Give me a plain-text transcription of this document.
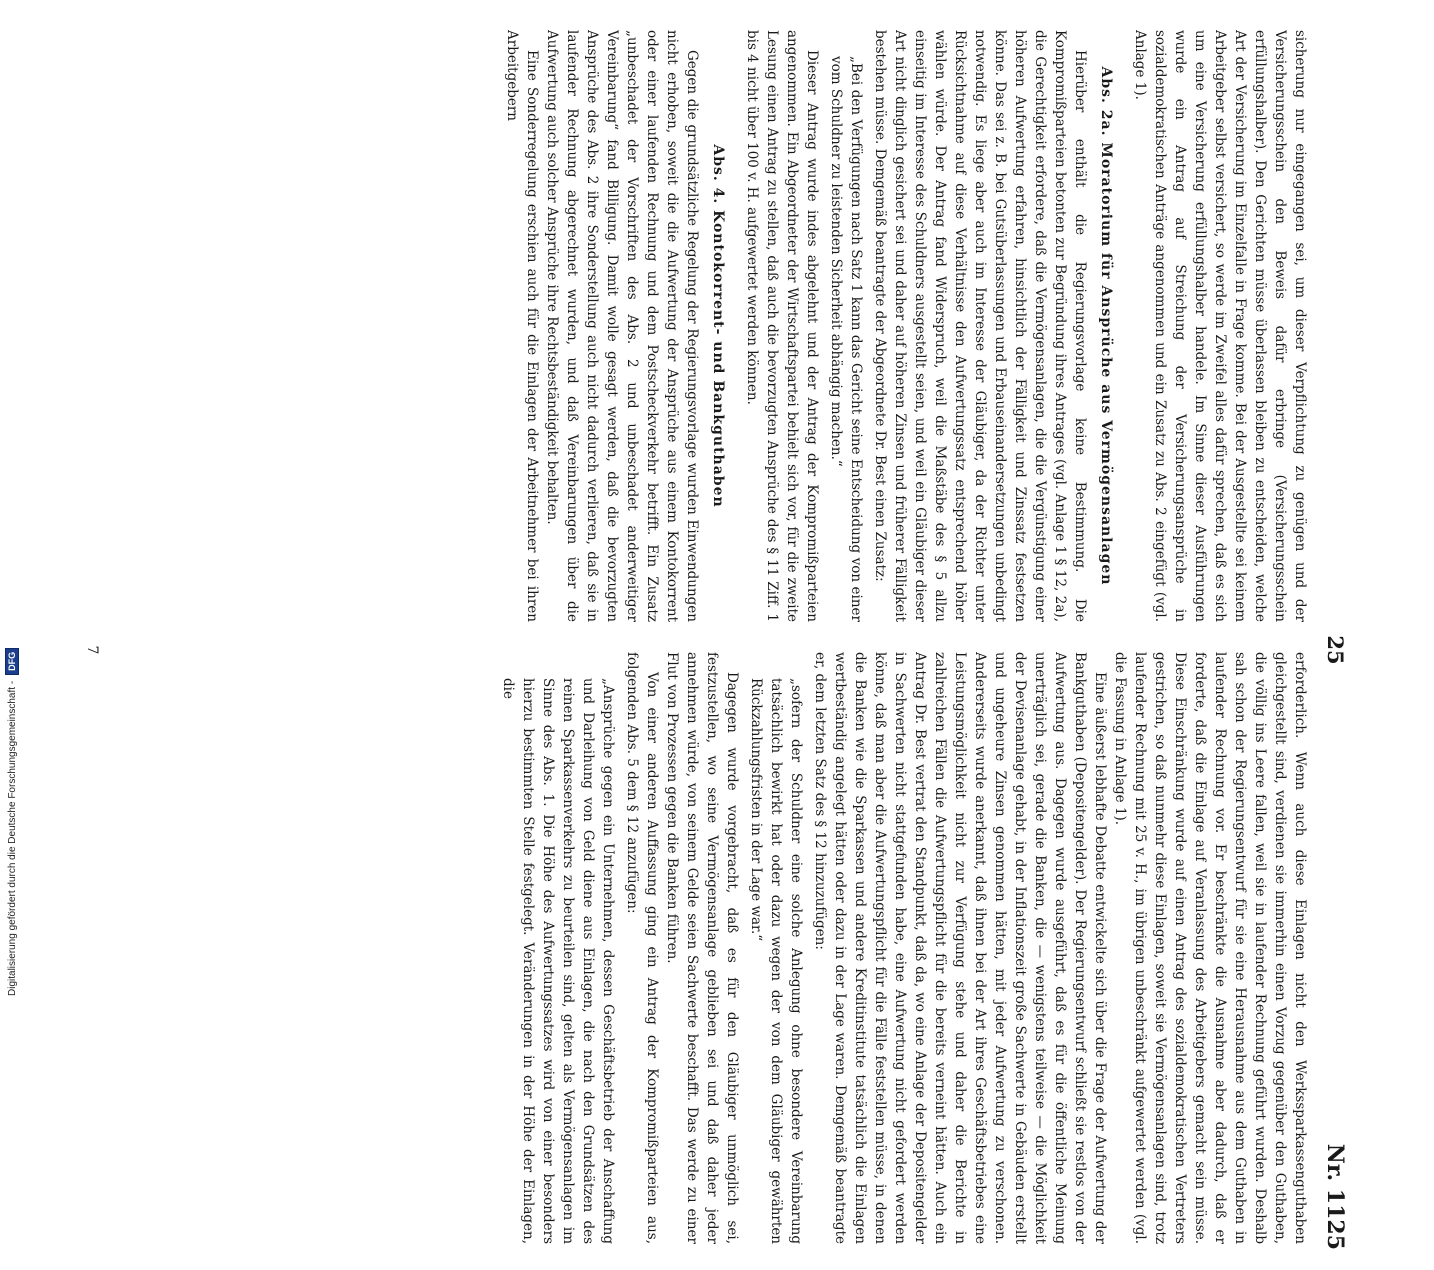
Digitalisierung gefördert durch die Deutsche Forschungsgemeinschaft -
DFG	25
Nr. 1125

sicherung nur eingegangen sei, um dieser Verpflichtung zu genügen und der Versicherungsschein den Beweis dafür erbringe (Versicherungsschein erfüllungshalber). Den Gerichten müsse überlassen bleiben zu entscheiden, welche Art der Versicherung im Einzelfalle in Frage komme. Bei der Ausgestellte sei keinem Arbeitgeber selbst versichert, so werde im Zweifel alles dafür sprechen, daß es sich um eine Versicherung erfüllungshalber handele. Im Sinne dieser Ausführungen wurde ein Antrag auf Streichung der Versicherungsansprüche in sozialdemokratischen Anträge angenommen und ein Zusatz zu Abs. 2 eingefügt (vgl. Anlage 1).

Abs. 2a. Moratorium für Ansprüche aus Vermögensanlagen

Hierüber enthält die Regierungsvorlage keine Bestimmung. Die Kompromißparteien betonten zur Begründung ihres Antrages (vgl. Anlage 1 § 12, 2a), die Gerechtigkeit erfordere, daß die Vermögensanlagen, die die Vergünstigung einer höheren Aufwertung erfahren, hinsichtlich der Fälligkeit und Zinssatz festsetzen könne. Das sei z. B. bei Gutsüberlassungen und Erbauseinandersetzungen unbedingt notwendig. Es liege aber auch im Interesse der Gläubiger, da der Richter unter Rücksichtnahme auf diese Verhältnisse den Aufwertungssatz entsprechend höher wählen würde. Der Antrag fand Widerspruch, weil die Maßstäbe des § 5 allzu einseitig im Interesse des Schuldners ausgestellt seien, und weil ein Gläubiger dieser Art nicht dinglich gesichert sei und daher auf höheren Zinsen und früherer Fälligkeit bestehen müsse. Demgemäß beantragte der Abgeordnete Dr. Best einen Zusatz:

„Bei den Verfügungen nach Satz 1 kann das Gericht seine Entscheidung von einer vom Schuldner zu leistenden Sicherheit abhängig machen.“

Dieser Antrag wurde indes abgelehnt und der Antrag der Kompromißparteien angenommen. Ein Abgeordneter der Wirtschaftspartei behielt sich vor, für die zweite Lesung einen Antrag zu stellen, daß auch die bevorzugten Ansprüche des § 11 Ziff. 1 bis 4 nicht über 100 v. H. aufgewertet werden können.

Abs. 4. Kontokorrent- und Bankguthaben

Gegen die grundsätzliche Regelung der Regierungsvorlage wurden Einwendungen nicht erhoben, soweit die die Aufwertung der Ansprüche aus einem Kontokorrent oder einer laufenden Rechnung und dem Postscheckverkehr betrifft. Ein Zusatz „unbeschadet der Vorschriften des Abs. 2 und unbeschadet anderweitiger Vereinbarung“ fand Billigung. Damit wolle gesagt werden, daß die bevorzugten Ansprüche des Abs. 2 ihre Sonderstellung auch nicht dadurch verlieren, daß sie in laufender Rechnung abgerechnet wurden, und daß Vereinbarungen über die Aufwertung auch solcher Ansprüche ihre Rechtsbeständigkeit behalten.

Eine Sonderregelung erschien auch für die Einlagen der Arbeitnehmer bei ihren Arbeitgebern

erforderlich. Wenn auch diese Einlagen nicht den Werkssparkassenguthaben gleichgestellt sind, verdienen sie immerhin einen Vorzug gegenüber den Guthaben, die völlig ins Leere fallen, weil sie in laufender Rechnung geführt wurden. Deshalb sah schon der Regierungsentwurf für sie eine Herausnahme aus dem Guthaben in laufender Rechnung vor. Er beschränkte die Ausnahme aber dadurch, daß er forderte, daß die Einlage auf Veranlassung des Arbeitgebers gemacht sein müsse. Diese Einschränkung wurde auf einen Antrag des sozialdemokratischen Vertreters gestrichen, so daß nunmehr diese Einlagen, soweit sie Vermögensanlagen sind, trotz laufender Rechnung mit 25 v. H., im übrigen unbeschränkt aufgewertet werden (vgl. die Fassung in Anlage 1).

Eine äußerst lebhafte Debatte entwickelte sich über die Frage der Aufwertung der Bankguthaben (Depositengelder). Der Regierungsentwurf schließt sie restlos von der Aufwertung aus. Dagegen wurde ausgeführt, daß es für die öffentliche Meinung unerträglich sei, gerade die Banken, die — wenigstens teilweise — die Möglichkeit der Devisenanlage gehabt, in der Inflationszeit große Sachwerte in Gebäuden erstellt und ungeheure Zinsen genommen hätten, mit jeder Aufwertung zu verschonen. Andererseits wurde anerkannt, daß ihnen bei der Art ihres Geschäftsbetriebes eine Leistungsmöglichkeit nicht zur Verfügung stehe und daher die Berichte in zahlreichen Fällen die Aufwertungspflicht für die bereits verneint hätten. Auch ein Antrag Dr. Best vertrat den Standpunkt, daß da, wo eine Anlage der Depositengelder in Sachwerten nicht stattgefunden habe, eine Aufwertung nicht gefordert werden könne, daß man aber die Aufwertungspflicht für die Fälle feststellen müsse, in denen die Banken wie die Sparkassen und andere Kreditinstitute tatsächlich die Einlagen wertbeständig angelegt hätten oder dazu in der Lage waren. Demgemäß beantragte er, dem letzten Satz des § 12 hinzuzufügen:

„sofern der Schuldner eine solche Anlegung ohne besondere Vereinbarung tatsächlich bewirkt hat oder dazu wegen der von dem Gläubiger gewährten Rückzahlungsfristen in der Lage war.“

Dagegen wurde vorgebracht, daß es für den Gläubiger unmöglich sei, festzustellen, wo seine Vermögensanlage geblieben sei und daß daher jeder annehmen würde, von seinem Gelde seien Sachwerte beschafft. Das werde zu einer Flut von Prozessen gegen die Banken führen.

Von einer anderen Auffassung ging ein Antrag der Kompromißparteien aus, folgenden Abs. 5 dem § 12 anzufügen:

„Ansprüche gegen ein Unternehmen, dessen Geschäftsbetrieb der Anschaffung und Darleihung von Geld diene aus Einlagen, die nach den Grundsätzen des reinen Sparkassenverkehrs zu beurteilen sind, gelten als Vermögensanlagen im Sinne des Abs. 1. Die Höhe des Aufwertungssatzes wird von einer besonders hierzu bestimmten Stelle festgelegt. Veränderungen in der Höhe der Einlagen, die

7
